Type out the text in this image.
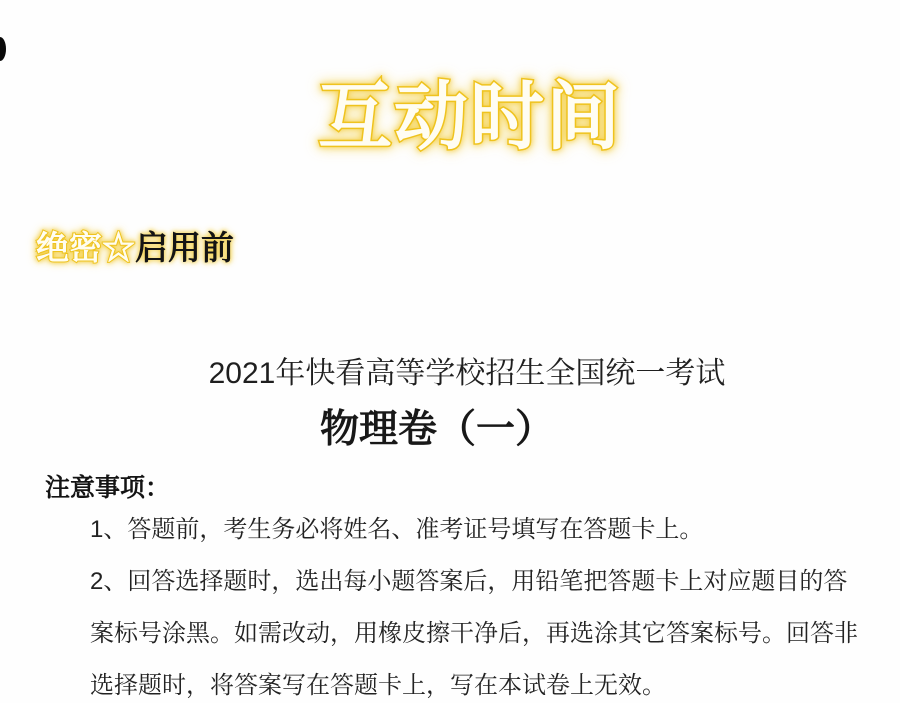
互动时间
绝密☆启用前
2021年快看高等学校招生全国统一考试
物理卷（一）
注意事项：
1、答题前，考生务必将姓名、准考证号填写在答题卡上。
2、回答选择题时，选出每小题答案后，用铅笔把答题卡上对应题目的答
案标号涂黑。如需改动，用橡皮擦干净后，再选涂其它答案标号。回答非
选择题时，将答案写在答题卡上，写在本试卷上无效。
